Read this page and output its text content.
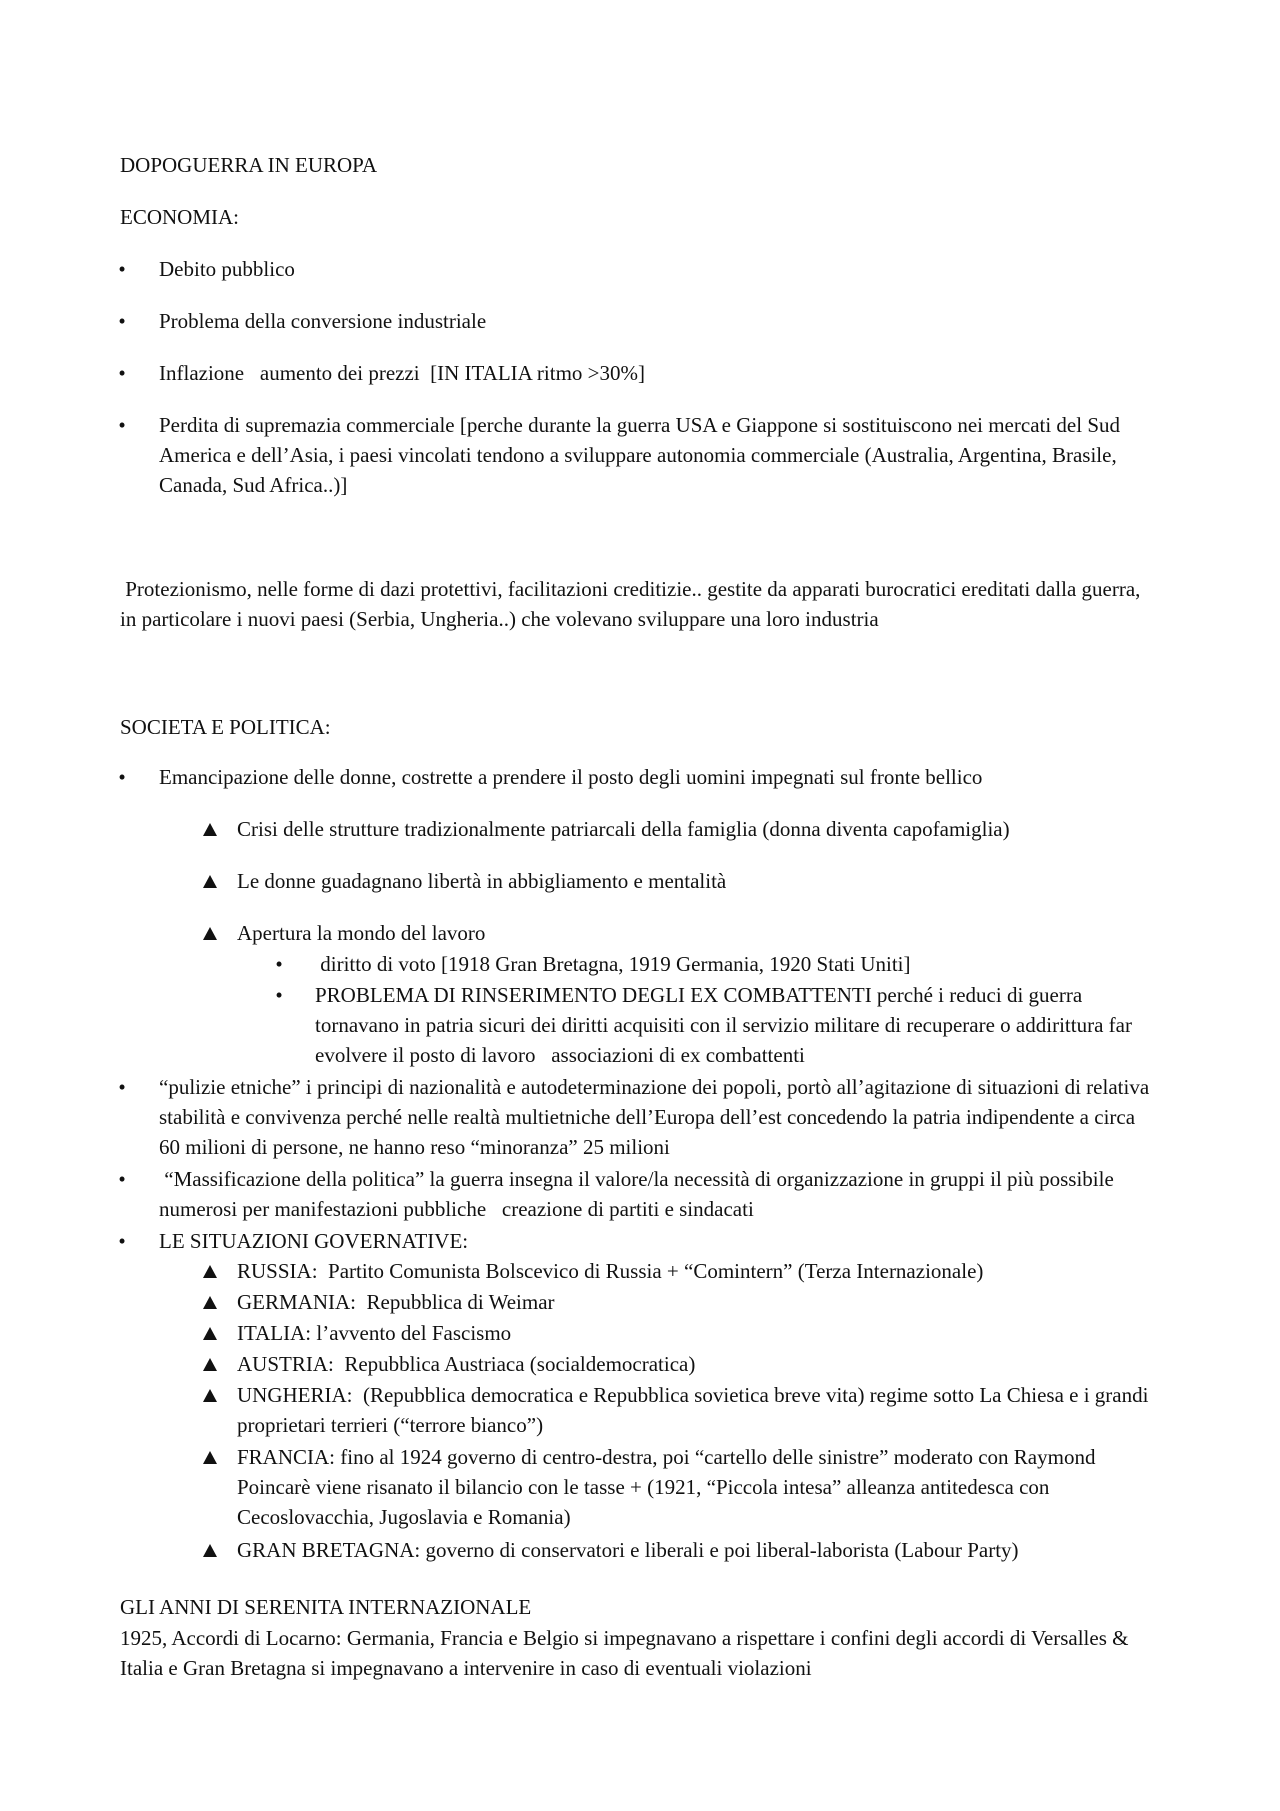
DOPOGUERRA IN EUROPA
ECONOMIA:
• Debito pubblico
• Problema della conversione industriale
• Inflazione   aumento dei prezzi  [IN ITALIA ritmo >30%]
• Perdita di supremazia commerciale [perche durante la guerra USA e Giappone si sostituiscono nei mercati del Sud America e dell’Asia, i paesi vincolati tendono a sviluppare autonomia commerciale (Australia, Argentina, Brasile, Canada, Sud Africa..)]
Protezionismo, nelle forme di dazi protettivi, facilitazioni creditizie.. gestite da apparati burocratici ereditati dalla guerra, in particolare i nuovi paesi (Serbia, Ungheria..) che volevano sviluppare una loro industria
SOCIETA E POLITICA:
• Emancipazione delle donne, costrette a prendere il posto degli uomini impegnati sul fronte bellico
Crisi delle strutture tradizionalmente patriarcali della famiglia (donna diventa capofamiglia)
Le donne guadagnano libertà in abbigliamento e mentalità
Apertura la mondo del lavoro
• diritto di voto [1918 Gran Bretagna, 1919 Germania, 1920 Stati Uniti]
• PROBLEMA DI RINSERIMENTO DEGLI EX COMBATTENTI perché i reduci di guerra tornavano in patria sicuri dei diritti acquisiti con il servizio militare di recuperare o addirittura far evolvere il posto di lavoro   associazioni di ex combattenti
• “pulizie etniche” i principi di nazionalità e autodeterminazione dei popoli, portò all’agitazione di situazioni di relativa stabilità e convivenza perché nelle realtà multietniche dell’Europa dell’est concedendo la patria indipendente a circa 60 milioni di persone, ne hanno reso “minoranza” 25 milioni
• “Massificazione della politica” la guerra insegna il valore/la necessità di organizzazione in gruppi il più possibile numerosi per manifestazioni pubbliche   creazione di partiti e sindacati
• LE SITUAZIONI GOVERNATIVE:
RUSSIA:  Partito Comunista Bolscevico di Russia + “Comintern” (Terza Internazionale)
GERMANIA:  Repubblica di Weimar
ITALIA: l’avvento del Fascismo
AUSTRIA:  Repubblica Austriaca (socialdemocratica)
UNGHERIA:  (Repubblica democratica e Repubblica sovietica breve vita) regime sotto La Chiesa e i grandi proprietari terrieri (“terrore bianco”)
FRANCIA: fino al 1924 governo di centro-destra, poi “cartello delle sinistre” moderato con Raymond Poincarè viene risanato il bilancio con le tasse + (1921, “Piccola intesa” alleanza antitedesca con Cecoslovacchia, Jugoslavia e Romania)
GRAN BRETAGNA: governo di conservatori e liberali e poi liberal-laborista (Labour Party)
GLI ANNI DI SERENITA INTERNAZIONALE
1925, Accordi di Locarno: Germania, Francia e Belgio si impegnavano a rispettare i confini degli accordi di Versalles & Italia e Gran Bretagna si impegnavano a intervenire in caso di eventuali violazioni
